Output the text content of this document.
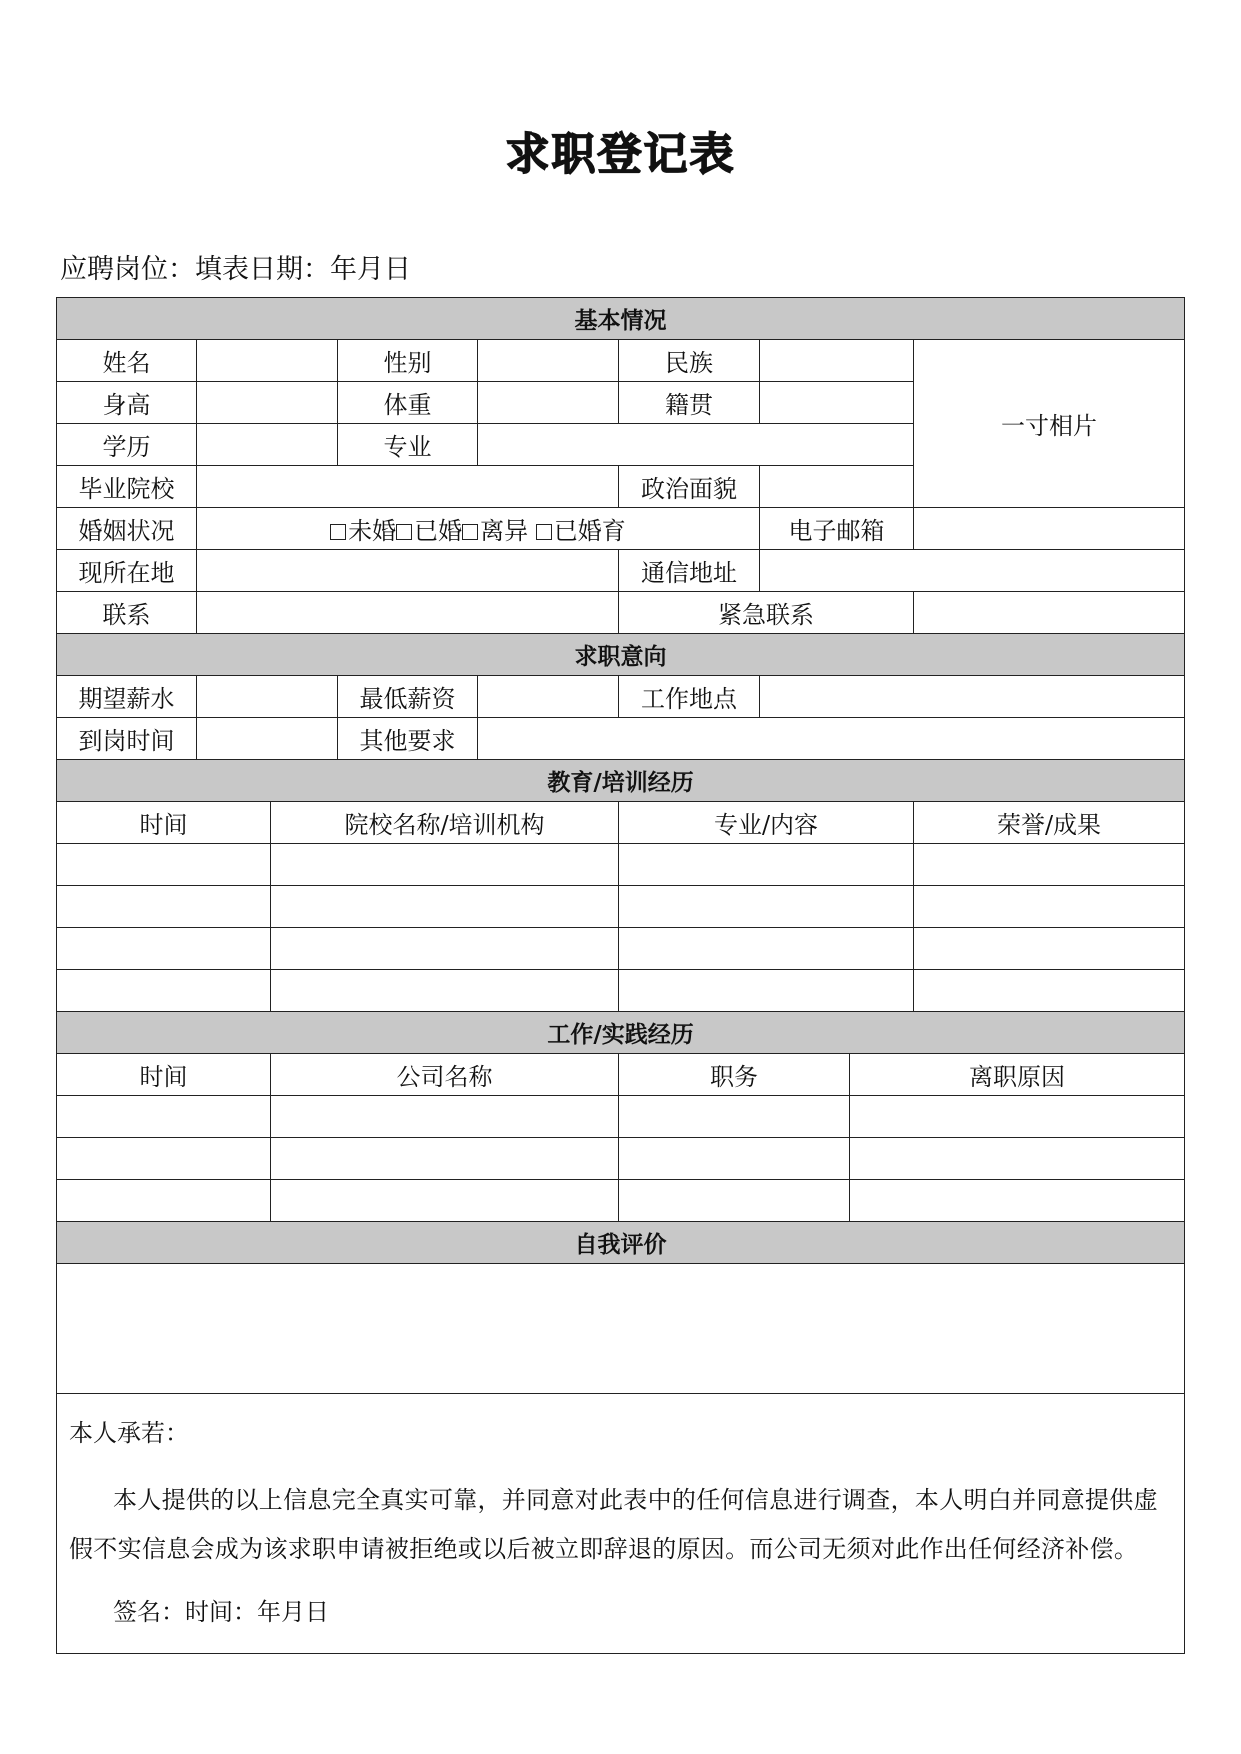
求职登记表
应聘岗位：填表日期：年月日
基本情况								
姓名			性别		民族			一寸相片
身高			体重		籍贯			
学历			专业					
毕业院校					政治面貌			
婚姻状况	未婚 已婚 离异 已婚育					电子邮箱		
现所在地					通信地址			
联系					紧急联系			
求职意向								
期望薪水			最低薪资		工作地点			
到岗时间			其他要求					
教育/培训经历								
时间		院校名称/培训机构			专业/内容			荣誉/成果

工作/实践经历								
时间		公司名称			职务		离职原因	

自我评价								

本人承若：
本人提供的以上信息完全真实可靠，并同意对此表中的任何信息进行调查，本人明白并同意提供虚假不实信息会成为该求职申请被拒绝或以后被立即辞退的原因。而公司无须对此作出任何经济补偿。
签名：时间：年月日								
